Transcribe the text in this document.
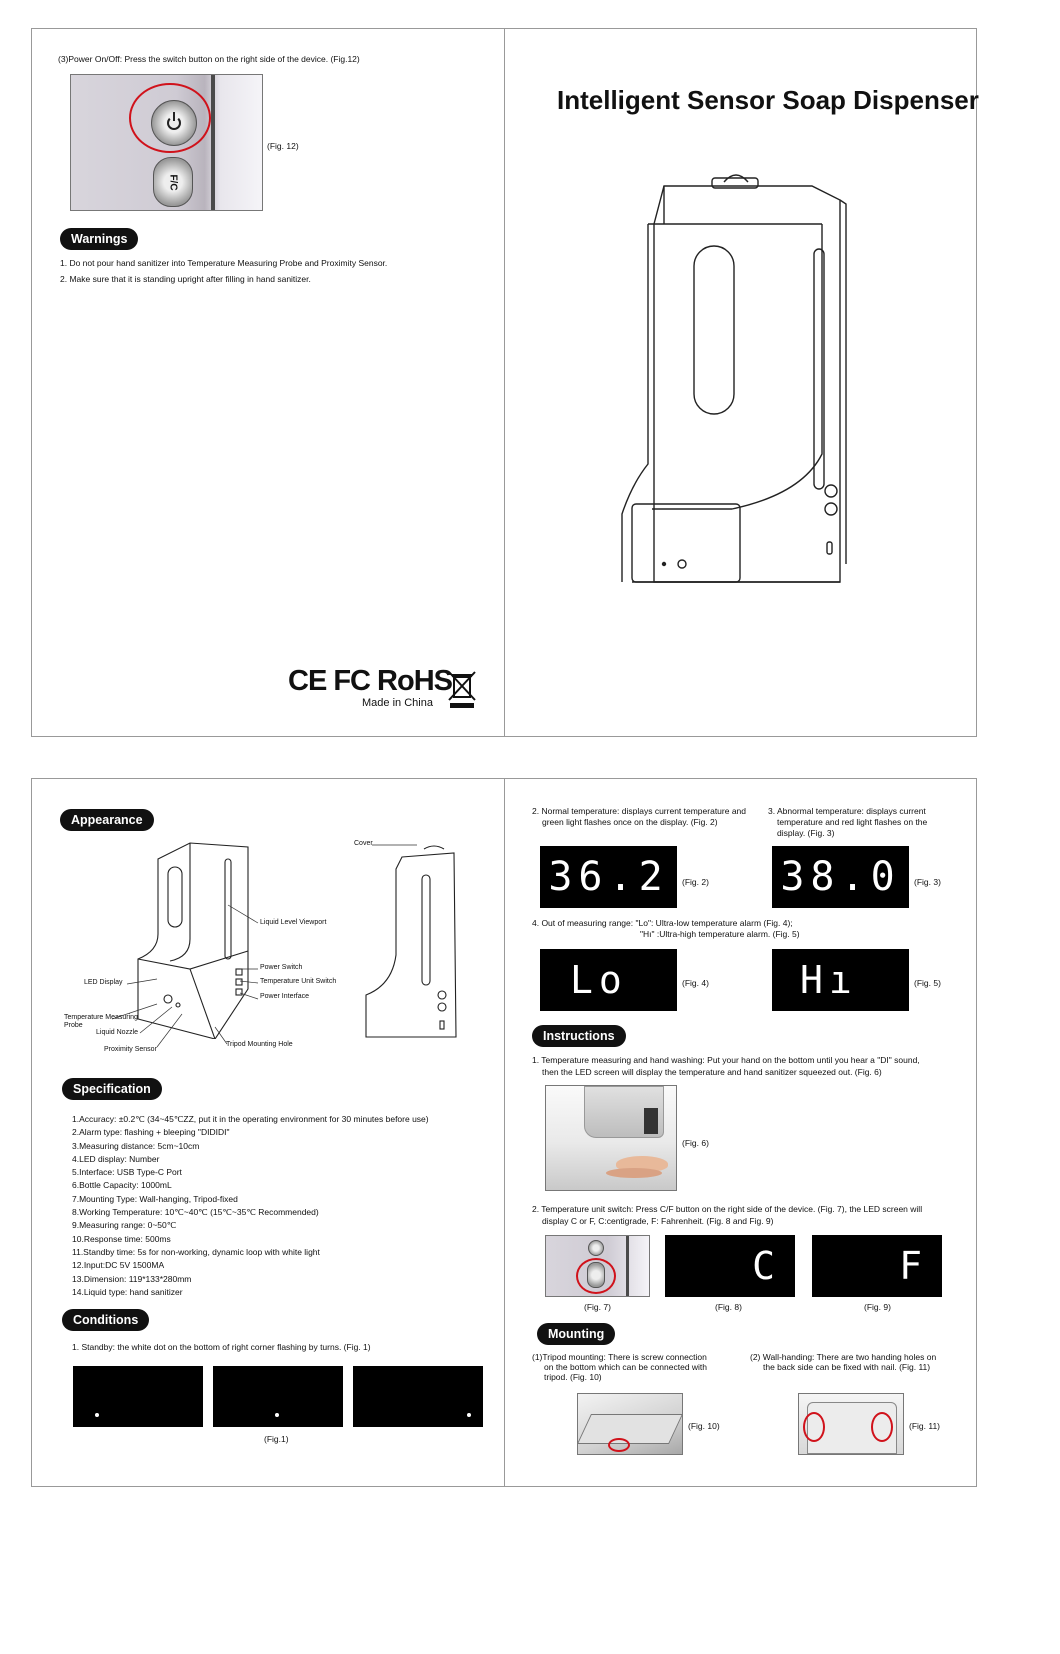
(3)Power On/Off: Press the switch button on the right side of the device. (Fig.12)
F/C
(Fig. 12)
Warnings
1. Do not pour hand sanitizer into Temperature Measuring Probe and Proximity Sensor.
2. Make sure that it is standing upright after filling in hand sanitizer.
CE FC RoHS
Made in China
Intelligent Sensor Soap Dispenser
Appearance
Cover
Liquid Level Viewport
LED Display
Power Switch
Temperature Unit Switch
Power Interface
Temperature Measuring
Probe
Liquid Nozzle
Proximity Sensor
Tripod Mounting Hole
Specification
1.Accuracy: ±0.2℃ (34~45℃ZZ, put it in the operating environment for 30 minutes before use)
2.Alarm type: flashing + bleeping "DIDIDI"
3.Measuring distance: 5cm~10cm
4.LED display: Number
5.Interface: USB Type-C Port
6.Bottle Capacity: 1000mL
7.Mounting Type: Wall-hanging, Tripod-fixed
8.Working Temperature: 10℃~40℃ (15℃~35℃ Recommended)
9.Measuring range: 0~50℃
10.Response time: 500ms
11.Standby time: 5s for non-working, dynamic loop with white light
12.Input:DC 5V 1500MA
13.Dimension: 119*133*280mm
14.Liquid type: hand sanitizer
Conditions
1. Standby: the white dot on the bottom of right corner flashing by turns. (Fig. 1)
(Fig.1)
2. Normal temperature: displays current temperature and
green light flashes once on the display. (Fig. 2)
3. Abnormal temperature: displays current
temperature and red light flashes on the
display. (Fig. 3)
36.2 (Fig. 2) 38.0 (Fig. 3)
4. Out of measuring range: "Lo": Ultra-low temperature alarm (Fig. 4);
"Hı" :Ultra-high temperature alarm. (Fig. 5)
Lo	(Fig. 4) Hı	(Fig. 5)
Instructions
1. Temperature measuring and hand washing: Put your hand on the bottom until you hear a "DI" sound,
then the LED screen will display the temperature and hand sanitizer squeezed out. (Fig. 6)
(Fig. 6)
2. Temperature unit switch: Press C/F button on the right side of the device. (Fig. 7), the LED screen will
display C or F, C:centigrade, F: Fahrenheit. (Fig. 8 and Fig. 9)
C	F
(Fig. 7)	(Fig. 8)	(Fig. 9)
Mounting
(1)Tripod mounting: There is screw connection
on the bottom which can be connected with
tripod. (Fig. 10)
(2) Wall-handing: There are two handing holes on
the back side can be fixed with nail. (Fig. 11)
(Fig. 10)	(Fig. 11)
